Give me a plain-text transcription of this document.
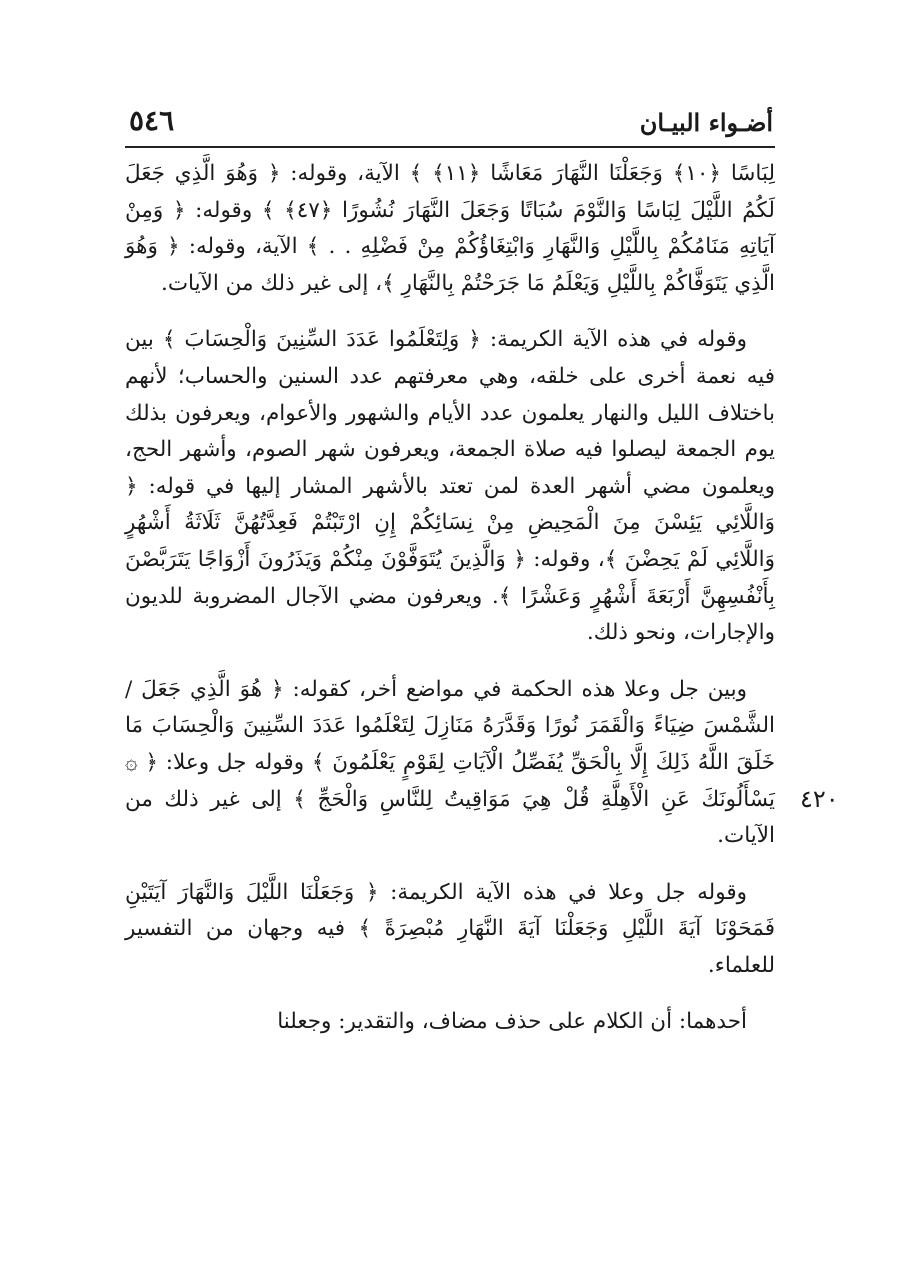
٥٤٦	أضـواء البيـان
٤٢٠

لِبَاسًا ﴿١٠﴾ وَجَعَلْنَا النَّهَارَ مَعَاشًا ﴿١١﴾ ﴾ الآية، وقوله: ﴿ وَهُوَ الَّذِي جَعَلَ لَكُمُ اللَّيْلَ لِبَاسًا وَالنَّوْمَ سُبَاتًا وَجَعَلَ النَّهَارَ نُشُورًا ﴿٤٧﴾ ﴾ وقوله: ﴿ وَمِنْ آيَاتِهِ مَنَامُكُمْ بِاللَّيْلِ وَالنَّهَارِ وَابْتِغَاؤُكُمْ مِنْ فَضْلِهِ . . ﴾ الآية، وقوله: ﴿ وَهُوَ الَّذِي يَتَوَفَّاكُمْ بِاللَّيْلِ وَيَعْلَمُ مَا جَرَحْتُمْ بِالنَّهَارِ ﴾، إلى غير ذلك من الآيات.

وقوله في هذه الآية الكريمة: ﴿ وَلِتَعْلَمُوا عَدَدَ السِّنِينَ وَالْحِسَابَ ﴾ بين فيه نعمة أخرى على خلقه، وهي معرفتهم عدد السنين والحساب؛ لأنهم باختلاف الليل والنهار يعلمون عدد الأيام والشهور والأعوام، ويعرفون بذلك يوم الجمعة ليصلوا فيه صلاة الجمعة، ويعرفون شهر الصوم، وأشهر الحج، ويعلمون مضي أشهر العدة لمن تعتد بالأشهر المشار إليها في قوله: ﴿ وَاللَّائِي يَئِسْنَ مِنَ الْمَحِيضِ مِنْ نِسَائِكُمْ إِنِ ارْتَبْتُمْ فَعِدَّتُهُنَّ ثَلَاثَةُ أَشْهُرٍ وَاللَّائِي لَمْ يَحِضْنَ ﴾، وقوله: ﴿ وَالَّذِينَ يُتَوَفَّوْنَ مِنْكُمْ وَيَذَرُونَ أَزْوَاجًا يَتَرَبَّصْنَ بِأَنْفُسِهِنَّ أَرْبَعَةَ أَشْهُرٍ وَعَشْرًا ﴾. ويعرفون مضي الآجال المضروبة للديون والإجارات، ونحو ذلك.

وبين جل وعلا هذه الحكمة في مواضع أخر، كقوله: ﴿ هُوَ الَّذِي جَعَلَ / الشَّمْسَ ضِيَاءً وَالْقَمَرَ نُورًا وَقَدَّرَهُ مَنَازِلَ لِتَعْلَمُوا عَدَدَ السِّنِينَ وَالْحِسَابَ مَا خَلَقَ اللَّهُ ذَلِكَ إِلَّا بِالْحَقِّ يُفَصِّلُ الْآيَاتِ لِقَوْمٍ يَعْلَمُونَ ﴾ وقوله جل وعلا: ﴿ ۞ يَسْأَلُونَكَ عَنِ الْأَهِلَّةِ قُلْ هِيَ مَوَاقِيتُ لِلنَّاسِ وَالْحَجِّ ﴾ إلى غير ذلك من الآيات.

وقوله جل وعلا في هذه الآية الكريمة: ﴿ وَجَعَلْنَا اللَّيْلَ وَالنَّهَارَ آيَتَيْنِ فَمَحَوْنَا آيَةَ اللَّيْلِ وَجَعَلْنَا آيَةَ النَّهَارِ مُبْصِرَةً ﴾ فيه وجهان من التفسير للعلماء.

أحدهما: أن الكلام على حذف مضاف، والتقدير: وجعلنا
